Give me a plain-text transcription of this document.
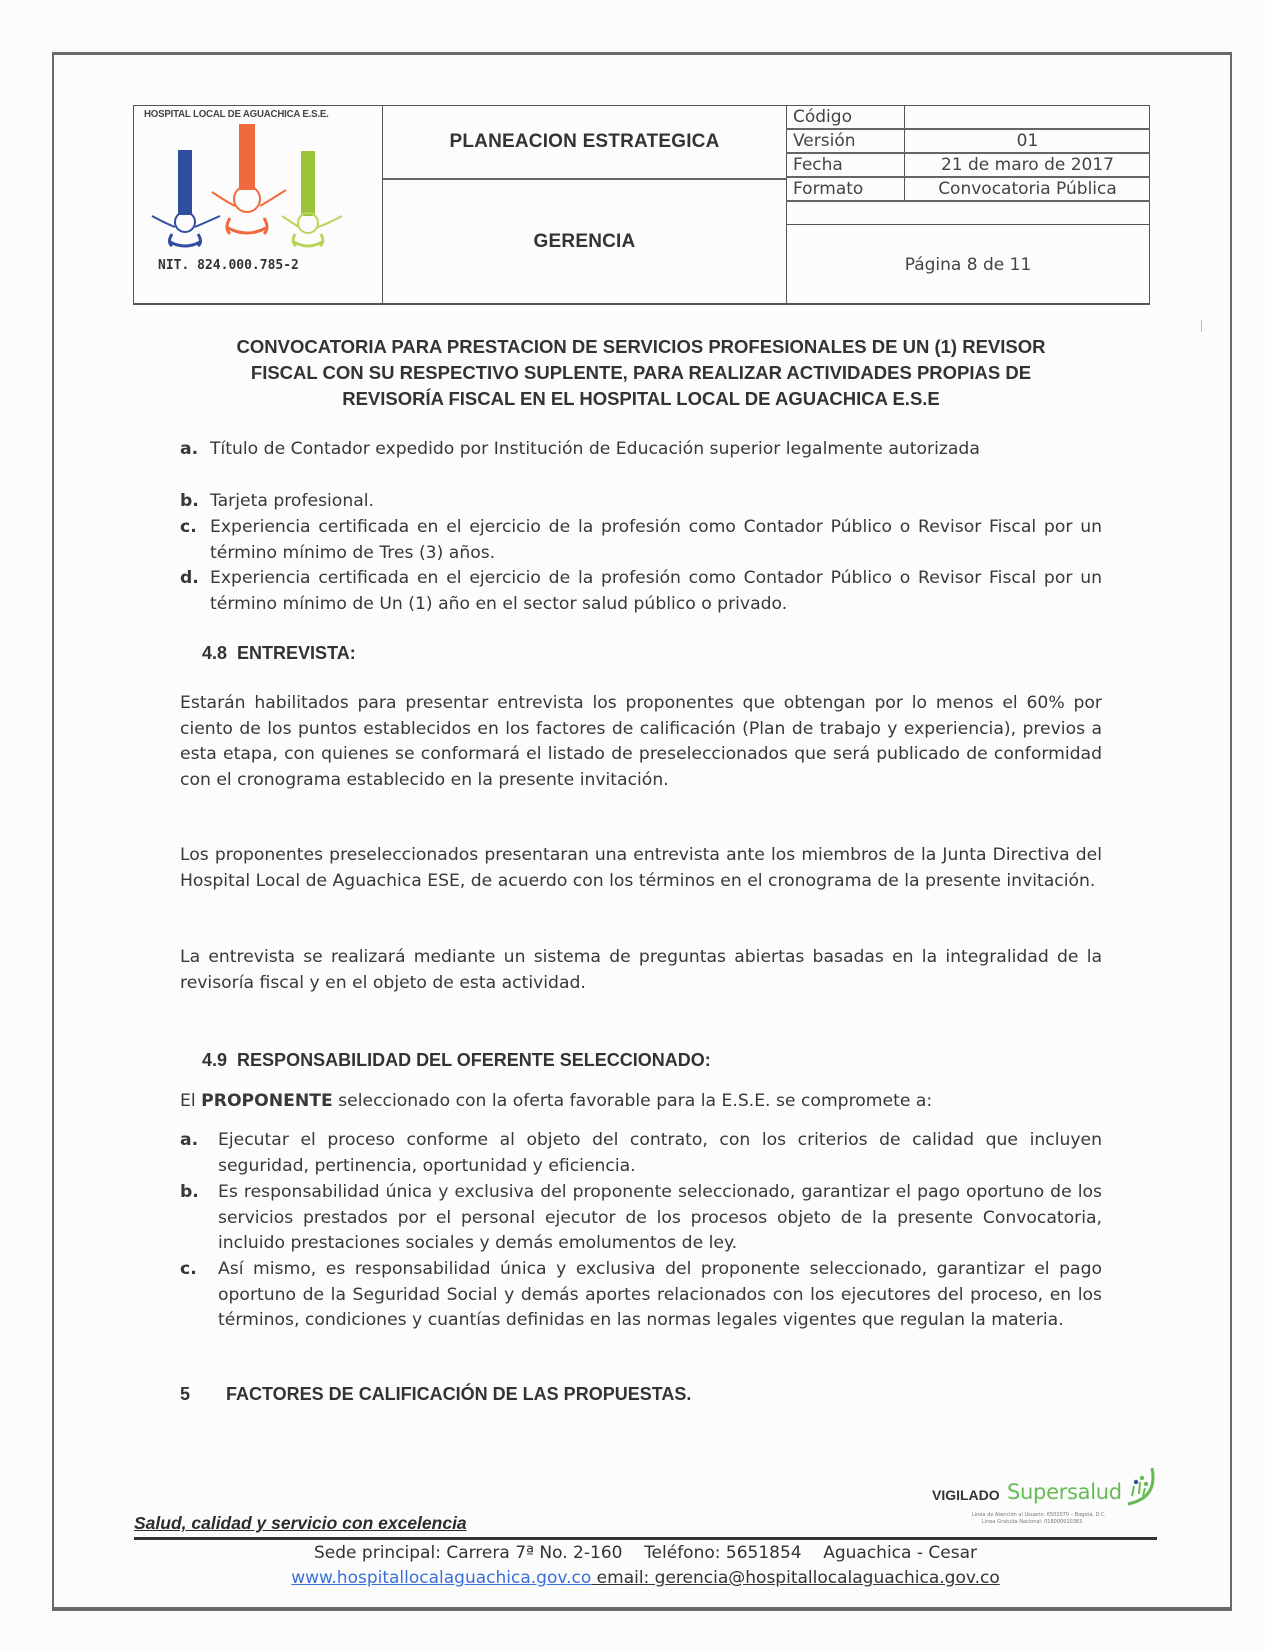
HOSPITAL LOCAL DE AGUACHICA E.S.E.
NIT. 824.000.785-2
PLANEACION ESTRATEGICA
GERENCIA
Código
Versión	01
Fecha	21 de maro de 2017
Formato	Convocatoria Pública
Página 8 de 11
CONVOCATORIA PARA PRESTACION DE SERVICIOS PROFESIONALES DE UN (1) REVISOR
FISCAL CON SU RESPECTIVO SUPLENTE, PARA REALIZAR ACTIVIDADES PROPIAS DE
REVISORÍA FISCAL EN EL HOSPITAL LOCAL DE AGUACHICA E.S.E
a. Título de Contador expedido por Institución de Educación superior legalmente autorizada
b. Tarjeta profesional.
c. Experiencia certificada en el ejercicio de la profesión como Contador Público o Revisor Fiscal por un término mínimo de Tres (3) años.
d. Experiencia certificada en el ejercicio de la profesión como Contador Público o Revisor Fiscal por un término mínimo de Un (1) año en el sector salud público o privado.
4.8 ENTREVISTA:
Estarán habilitados para presentar entrevista los proponentes que obtengan por lo menos el 60% por ciento de los puntos establecidos en los factores de calificación (Plan de trabajo y experiencia), previos a esta etapa, con quienes se conformará el listado de preseleccionados que será publicado de conformidad con el cronograma establecido en la presente invitación.
Los proponentes preseleccionados presentaran una entrevista ante los miembros de la Junta Directiva del Hospital Local de Aguachica ESE, de acuerdo con los términos en el cronograma de la presente invitación.
La entrevista se realizará mediante un sistema de preguntas abiertas basadas en la integralidad de la revisoría fiscal y en el objeto de esta actividad.
4.9 RESPONSABILIDAD DEL OFERENTE SELECCIONADO:
El PROPONENTE seleccionado con la oferta favorable para la E.S.E. se compromete a:
a.	Ejecutar el proceso conforme al objeto del contrato, con los criterios de calidad que incluyen seguridad, pertinencia, oportunidad y eficiencia.
b.	Es responsabilidad única y exclusiva del proponente seleccionado, garantizar el pago oportuno de los servicios prestados por el personal ejecutor de los procesos objeto de la presente Convocatoria, incluido prestaciones sociales y demás emolumentos de ley.
c.	Así mismo, es responsabilidad única y exclusiva del proponente seleccionado, garantizar el pago oportuno de la Seguridad Social y demás aportes relacionados con los ejecutores del proceso, en los términos, condiciones y cuantías definidas en las normas legales vigentes que regulan la materia.
5 FACTORES DE CALIFICACIÓN DE LAS PROPUESTAS.
VIGILADO Supersalud
Línea de Atención al Usuario: 6502070 – Bogotá, D.C.
Línea Gratuita Nacional: 018000910383
Salud, calidad y servicio con excelencia
Sede principal: Carrera 7ª No. 2-160    Teléfono: 5651854    Aguachica - Cesar
www.hospitallocalaguachica.gov.co email: gerencia@hospitallocalaguachica.gov.co
